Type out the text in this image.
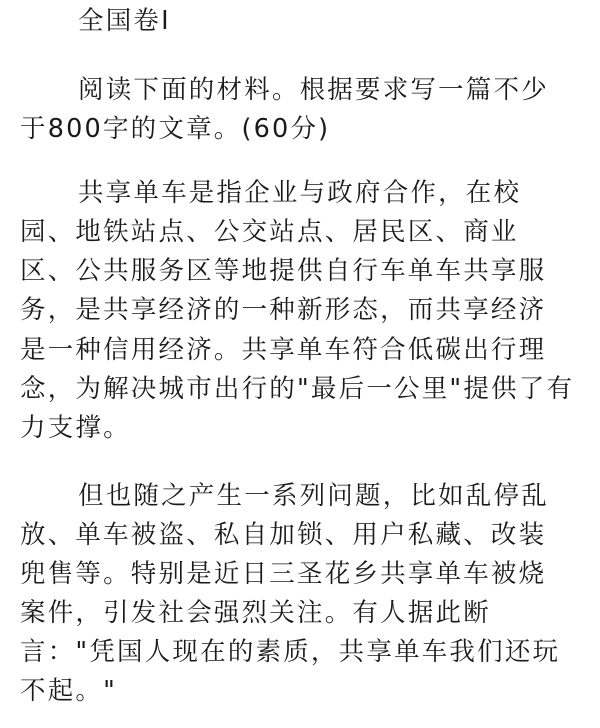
全国卷Ⅰ
阅读下面的材料。根据要求写一篇不少
于800字的文章。(60分)
共享单车是指企业与政府合作，在校
园、地铁站点、公交站点、居民区、商业
区、公共服务区等地提供自行车单车共享服
务，是共享经济的一种新形态，而共享经济
是一种信用经济。共享单车符合低碳出行理
念，为解决城市出行的"最后一公里"提供了有
力支撑。
但也随之产生一系列问题，比如乱停乱
放、单车被盗、私自加锁、用户私藏、改装
兜售等。特别是近日三圣花乡共享单车被烧
案件，引发社会强烈关注。有人据此断
言："凭国人现在的素质，共享单车我们还玩
不起。"
